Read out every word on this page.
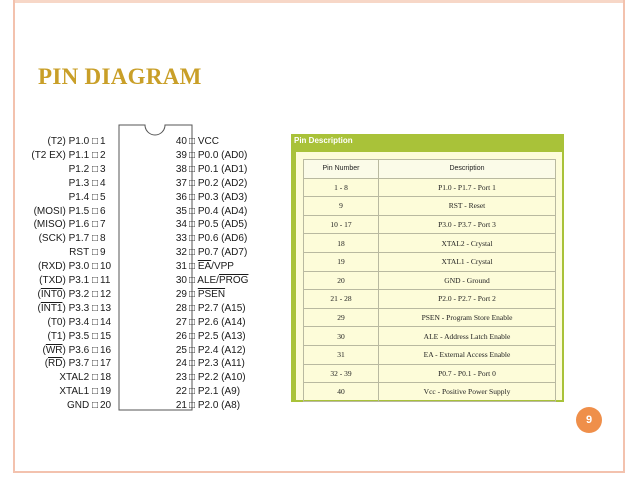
PIN DIAGRAM
(T2) P1.0 □ 1
(T2 EX) P1.1 □ 2
P1.2 □ 3
P1.3 □ 4
P1.4 □ 5
(MOSI) P1.5 □ 6
(MISO) P1.6 □ 7
(SCK) P1.7 □ 8
RST □ 9
(RXD) P3.0 □ 10
(TXD) P3.1 □ 11
(INT0) P3.2 □ 12
(INT1) P3.3 □ 13
(T0) P3.4 □ 14
(T1) P3.5 □ 15
$(\overline{WR})$ P3.6 □ 16
$(\overline{RD})$ P3.7 □ 17
XTAL2 □ 18
XTAL1 □ 19
GND □ 20
40 □ VCC
39 □ P0.0 (AD0)
38 □ P0.1 (AD1)
37 □ P0.2 (AD2)
36 □ P0.3 (AD3)
35 □ P0.4 (AD4)
34 □ P0.5 (AD5)
33 □ P0.6 (AD6)
32 □ P0.7 (AD7)
31 □ $\overline{EA}$/VPP
30 □ ALE/PROG
29 □ PSEN
28 □ P2.7 (A15)
27 □ P2.6 (A14)
26 □ P2.5 (A13)
25 □ P2.4 (A12)
24 □ P2.3 (A11)
23 □ P2.2 (A10)
22 □ P2.1 (A9)
21 □ P2.0 (A8)
Pin Description
Pin Number	Description
1 - 8	P1.0 - P1.7 - Port 1
9	RST - Reset
10 - 17	P3.0 - P3.7 - Port 3
18	XTAL2 - Crystal
19	XTAL1 - Crystal
20	GND - Ground
21 - 28	P2.0 - P2.7 - Port 2
29	PSEN - Program Store Enable
30	ALE - Address Latch Enable
31	EA - External Access Enable
32 - 39	P0.7 - P0.1 - Port 0
40	Vcc - Positive Power Supply
9
